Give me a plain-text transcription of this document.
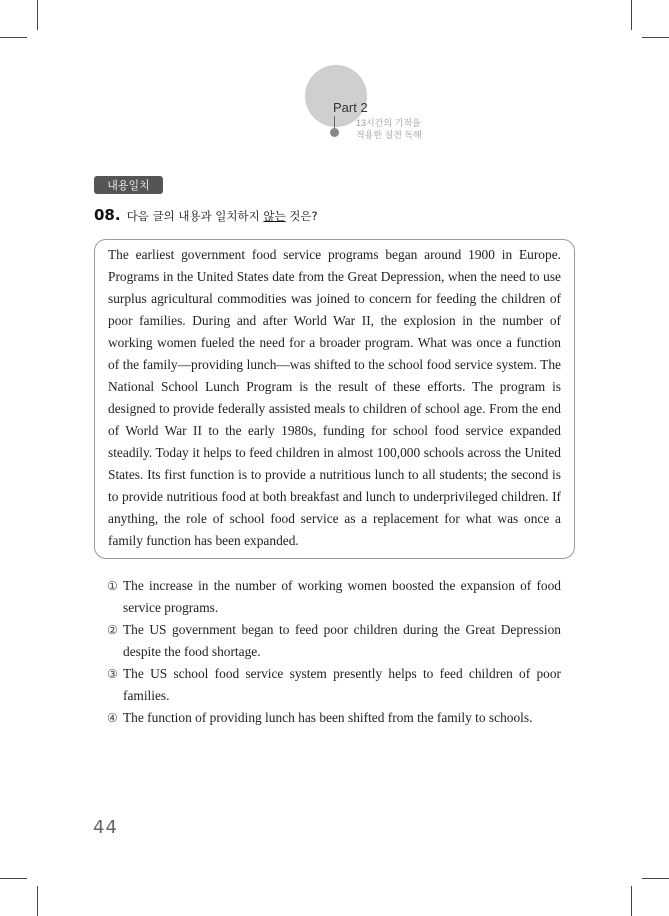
Part 2
13시간의 기적을
적용한 실전 독해
내용일치
08. 다음 글의 내용과 일치하지 않는 것은?

The earliest government food service programs began around 1900 in Europe. Programs in the United States date from the Great Depression, when the need to use surplus agricultural commodities was joined to concern for feeding the children of poor families. During and after World War II, the explosion in the number of working women fueled the need for a broader program. What was once a function of the family—providing lunch—was shifted to the school food service system. The National School Lunch Program is the result of these efforts. The program is designed to provide federally assisted meals to children of school age. From the end of World War II to the early 1980s, funding for school food service expanded steadily. Today it helps to feed children in almost 100,000 schools across the United States. Its first function is to provide a nutritious lunch to all students; the second is to provide nutritious food at both breakfast and lunch to underprivileged children. If anything, the role of school food service as a replacement for what was once a family function has been expanded.

① The increase in the number of working women boosted the expansion of food service programs.
② The US government began to feed poor children during the Great Depression despite the food shortage.
③ The US school food service system presently helps to feed children of poor families.
④ The function of providing lunch has been shifted from the family to schools.
44
